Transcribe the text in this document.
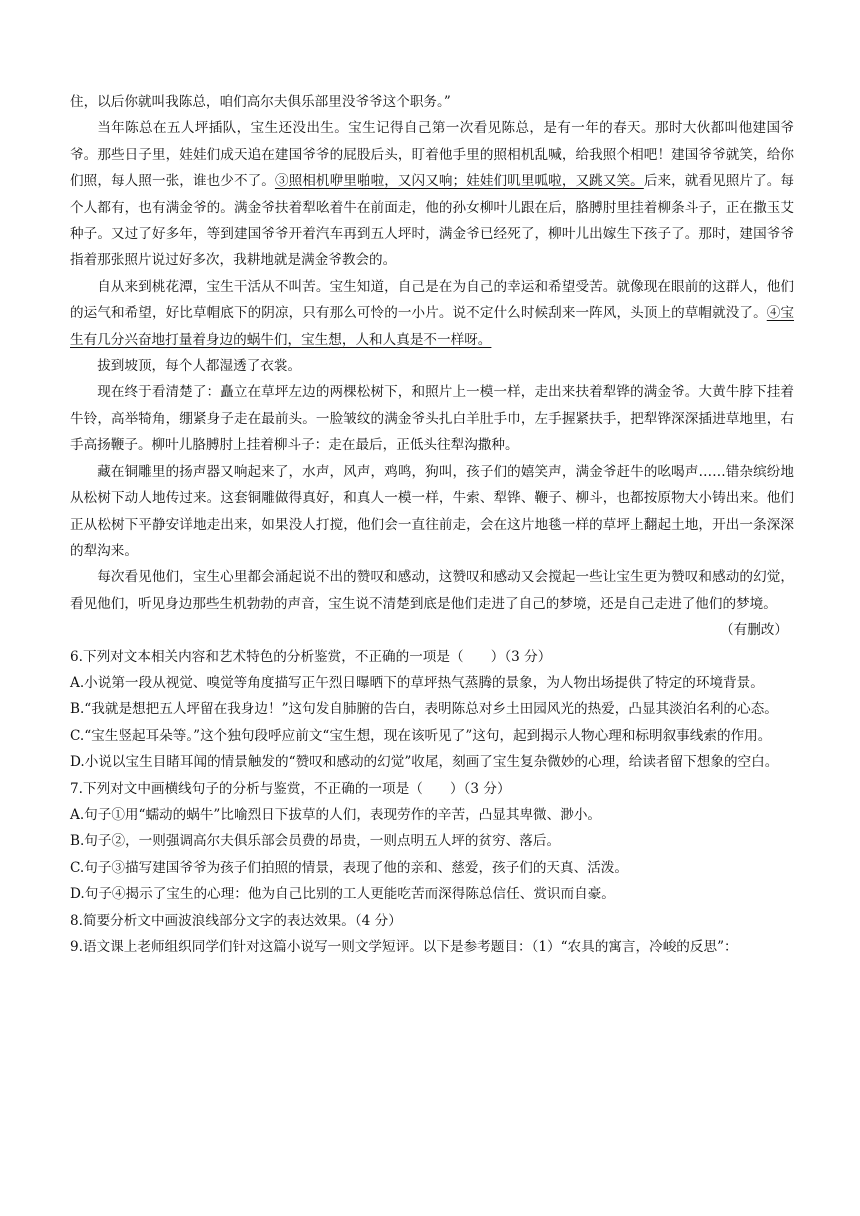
住，以后你就叫我陈总，咱们高尔夫俱乐部里没爷爷这个职务。”

当年陈总在五人坪插队，宝生还没出生。宝生记得自己第一次看见陈总，是有一年的春天。那时大伙都叫他建国爷爷。那些日子里，娃娃们成天追在建国爷爷的屁股后头，盯着他手里的照相机乱喊，给我照个相吧！建国爷爷就笑，给你们照，每人照一张，谁也少不了。③照相机咿里啪啦，又闪又响；娃娃们叽里呱啦，又跳又笑。后来，就看见照片了。每个人都有，也有满金爷的。满金爷扶着犁吆着牛在前面走，他的孙女柳叶儿跟在后，胳膊肘里挂着柳条斗子，正在撒玉艾种子。又过了好多年，等到建国爷爷开着汽车再到五人坪时，满金爷已经死了，柳叶儿出嫁生下孩子了。那时，建国爷爷指着那张照片说过好多次，我耕地就是满金爷教会的。

自从来到桃花潭，宝生干活从不叫苦。宝生知道，自己是在为自己的幸运和希望受苦。就像现在眼前的这群人，他们的运气和希望，好比草帽底下的阴凉，只有那么可怜的一小片。说不定什么时候刮来一阵风，头顶上的草帽就没了。④宝生有几分兴奋地打量着身边的蜗牛们，宝生想，人和人真是不一样呀。

拔到坡顶，每个人都湿透了衣裳。

现在终于看清楚了：矗立在草坪左边的两棵松树下，和照片上一模一样，走出来扶着犁铧的满金爷。大黄牛脖下挂着牛铃，高举犄角，绷紧身子走在最前头。一脸皱纹的满金爷头扎白羊肚手巾，左手握紧扶手，把犁铧深深插进草地里，右手高扬鞭子。柳叶儿胳膊肘上挂着柳斗子：走在最后，正低头往犁沟撒种。

藏在铜雕里的扬声器又响起来了，水声，风声，鸡鸣，狗叫，孩子们的嬉笑声，满金爷赶牛的吆喝声……错杂缤纷地从松树下动人地传过来。这套铜雕做得真好，和真人一模一样，牛索、犁铧、鞭子、柳斗，也都按原物大小铸出来。他们正从松树下平静安详地走出来，如果没人打搅，他们会一直往前走，会在这片地毯一样的草坪上翻起土地，开出一条深深的犁沟来。

每次看见他们，宝生心里都会涌起说不出的赞叹和感动，这赞叹和感动又会搅起一些让宝生更为赞叹和感动的幻觉，看见他们，听见身边那些生机勃勃的声音，宝生说不清楚到底是他们走进了自己的梦境，还是自己走进了他们的梦境。

（有删改）

6.下列对文本相关内容和艺术特色的分析鉴赏，不正确的一项是（　　）（3 分）

A.小说第一段从视觉、嗅觉等角度描写正午烈日曝晒下的草坪热气蒸腾的景象，为人物出场提供了特定的环境背景。

B.“我就是想把五人坪留在我身边！”这句发自肺腑的告白，表明陈总对乡土田园风光的热爱，凸显其淡泊名利的心态。

C.“宝生竖起耳朵等。”这个独句段呼应前文“宝生想，现在该听见了”这句，起到揭示人物心理和标明叙事线索的作用。

D.小说以宝生目睹耳闻的情景触发的“赞叹和感动的幻觉”收尾，刻画了宝生复杂微妙的心理，给读者留下想象的空白。

7.下列对文中画横线句子的分析与鉴赏，不正确的一项是（　　）（3 分）

A.句子①用“蠕动的蜗牛”比喻烈日下拔草的人们，表现劳作的辛苦，凸显其卑微、渺小。

B.句子②，一则强调高尔夫俱乐部会员费的昂贵，一则点明五人坪的贫穷、落后。

C.句子③描写建国爷爷为孩子们拍照的情景，表现了他的亲和、慈爱，孩子们的天真、活泼。

D.句子④揭示了宝生的心理：他为自己比别的工人更能吃苦而深得陈总信任、赏识而自豪。

8.简要分析文中画波浪线部分文字的表达效果。（4 分）

9.语文课上老师组织同学们针对这篇小说写一则文学短评。以下是参考题目：（1）“农具的寓言，冷峻的反思”：
